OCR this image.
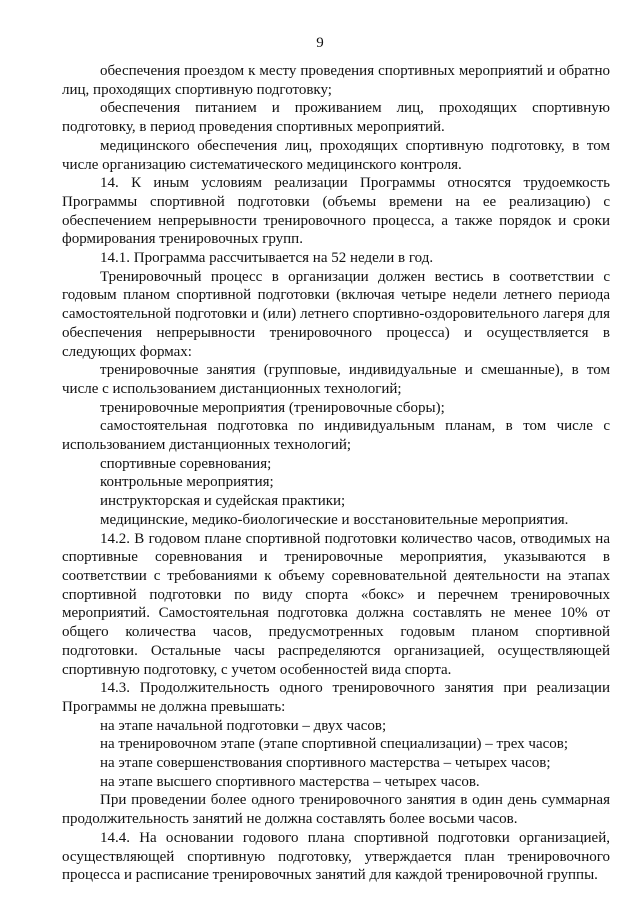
9

обеспечения проездом к месту проведения спортивных мероприятий и обратно лиц, проходящих спортивную подготовку;

обеспечения питанием и проживанием лиц, проходящих спортивную подготовку, в период проведения спортивных мероприятий.

медицинского обеспечения лиц, проходящих спортивную подготовку, в том числе организацию систематического медицинского контроля.

14. К иным условиям реализации Программы относятся трудоемкость Программы спортивной подготовки (объемы времени на ее реализацию) с обеспечением непрерывности тренировочного процесса, а также порядок и сроки формирования тренировочных групп.

14.1. Программа рассчитывается на 52 недели в год.

Тренировочный процесс в организации должен вестись в соответствии с годовым планом спортивной подготовки (включая четыре недели летнего периода самостоятельной подготовки и (или) летнего спортивно-оздоровительного лагеря для обеспечения непрерывности тренировочного процесса) и осуществляется в следующих формах:

тренировочные занятия (групповые, индивидуальные и смешанные), в том числе с использованием дистанционных технологий;

тренировочные мероприятия (тренировочные сборы);

самостоятельная подготовка по индивидуальным планам, в том числе с использованием дистанционных технологий;

спортивные соревнования;

контрольные мероприятия;

инструкторская и судейская практики;

медицинские, медико-биологические и восстановительные мероприятия.

14.2. В годовом плане спортивной подготовки количество часов, отводимых на спортивные соревнования и тренировочные мероприятия, указываются в соответствии с требованиями к объему соревновательной деятельности на этапах спортивной подготовки по виду спорта «бокс» и перечнем тренировочных мероприятий. Самостоятельная подготовка должна составлять не менее 10% от общего количества часов, предусмотренных годовым планом спортивной подготовки. Остальные часы распределяются организацией, осуществляющей спортивную подготовку, с учетом особенностей вида спорта.

14.3. Продолжительность одного тренировочного занятия при реализации Программы не должна превышать:

на этапе начальной подготовки – двух часов;

на тренировочном этапе (этапе спортивной специализации) – трех часов;

на этапе совершенствования спортивного мастерства – четырех часов;

на этапе высшего спортивного мастерства – четырех часов.

При проведении более одного тренировочного занятия в один день суммарная продолжительность занятий не должна составлять более восьми часов.

14.4. На основании годового плана спортивной подготовки организацией, осуществляющей спортивную подготовку, утверждается план тренировочного процесса и расписание тренировочных занятий для каждой тренировочной группы.
